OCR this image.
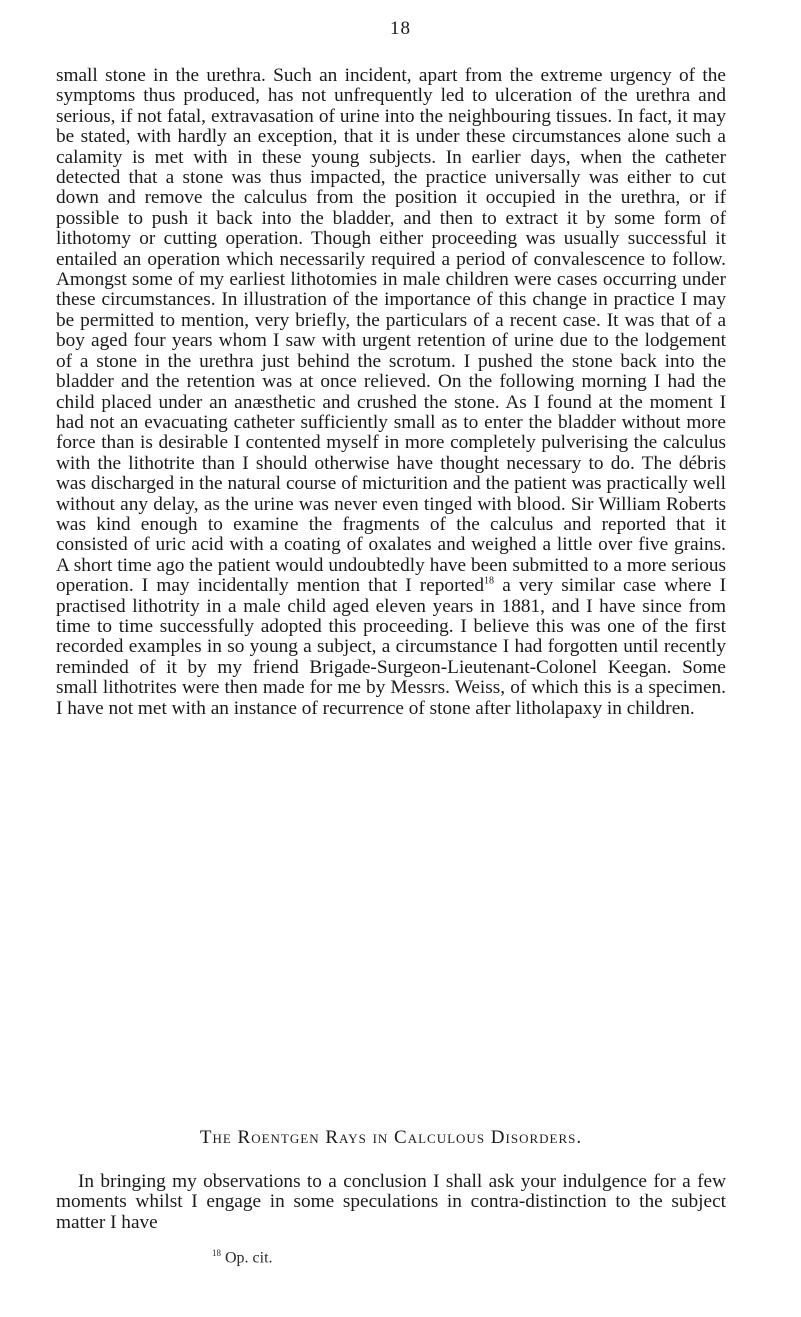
18

small stone in the urethra. Such an incident, apart from the extreme urgency of the symptoms thus produced, has not unfrequently led to ulceration of the urethra and serious, if not fatal, extravasation of urine into the neighbouring tissues. In fact, it may be stated, with hardly an exception, that it is under these circumstances alone such a calamity is met with in these young subjects. In earlier days, when the catheter detected that a stone was thus impacted, the practice universally was either to cut down and remove the calculus from the position it occupied in the urethra, or if possible to push it back into the bladder, and then to extract it by some form of lithotomy or cutting operation. Though either proceeding was usually successful it entailed an operation which necessarily required a period of convalescence to follow. Amongst some of my earliest lithotomies in male children were cases occurring under these circumstances. In illustration of the importance of this change in practice I may be permitted to mention, very briefly, the particulars of a recent case. It was that of a boy aged four years whom I saw with urgent retention of urine due to the lodgement of a stone in the urethra just behind the scrotum. I pushed the stone back into the bladder and the retention was at once relieved. On the following morning I had the child placed under an anæsthetic and crushed the stone. As I found at the moment I had not an evacuating catheter sufficiently small as to enter the bladder without more force than is desirable I contented myself in more completely pulverising the calculus with the lithotrite than I should otherwise have thought necessary to do. The débris was discharged in the natural course of micturition and the patient was practically well without any delay, as the urine was never even tinged with blood. Sir William Roberts was kind enough to examine the fragments of the calculus and reported that it consisted of uric acid with a coating of oxalates and weighed a little over five grains. A short time ago the patient would undoubtedly have been submitted to a more serious operation. I may incidentally mention that I reported$^{18}$ a very similar case where I practised lithotrity in a male child aged eleven years in 1881, and I have since from time to time successfully adopted this proceeding. I believe this was one of the first recorded examples in so young a subject, a circumstance I had forgotten until recently reminded of it by my friend Brigade-Surgeon-Lieutenant-Colonel Keegan. Some small lithotrites were then made for me by Messrs. Weiss, of which this is a specimen. I have not met with an instance of recurrence of stone after litholapaxy in children.

The Roentgen Rays in Calculous Disorders.

In bringing my observations to a conclusion I shall ask your indulgence for a few moments whilst I engage in some speculations in contra-distinction to the subject matter I have

$^{18}$ Op. cit.
